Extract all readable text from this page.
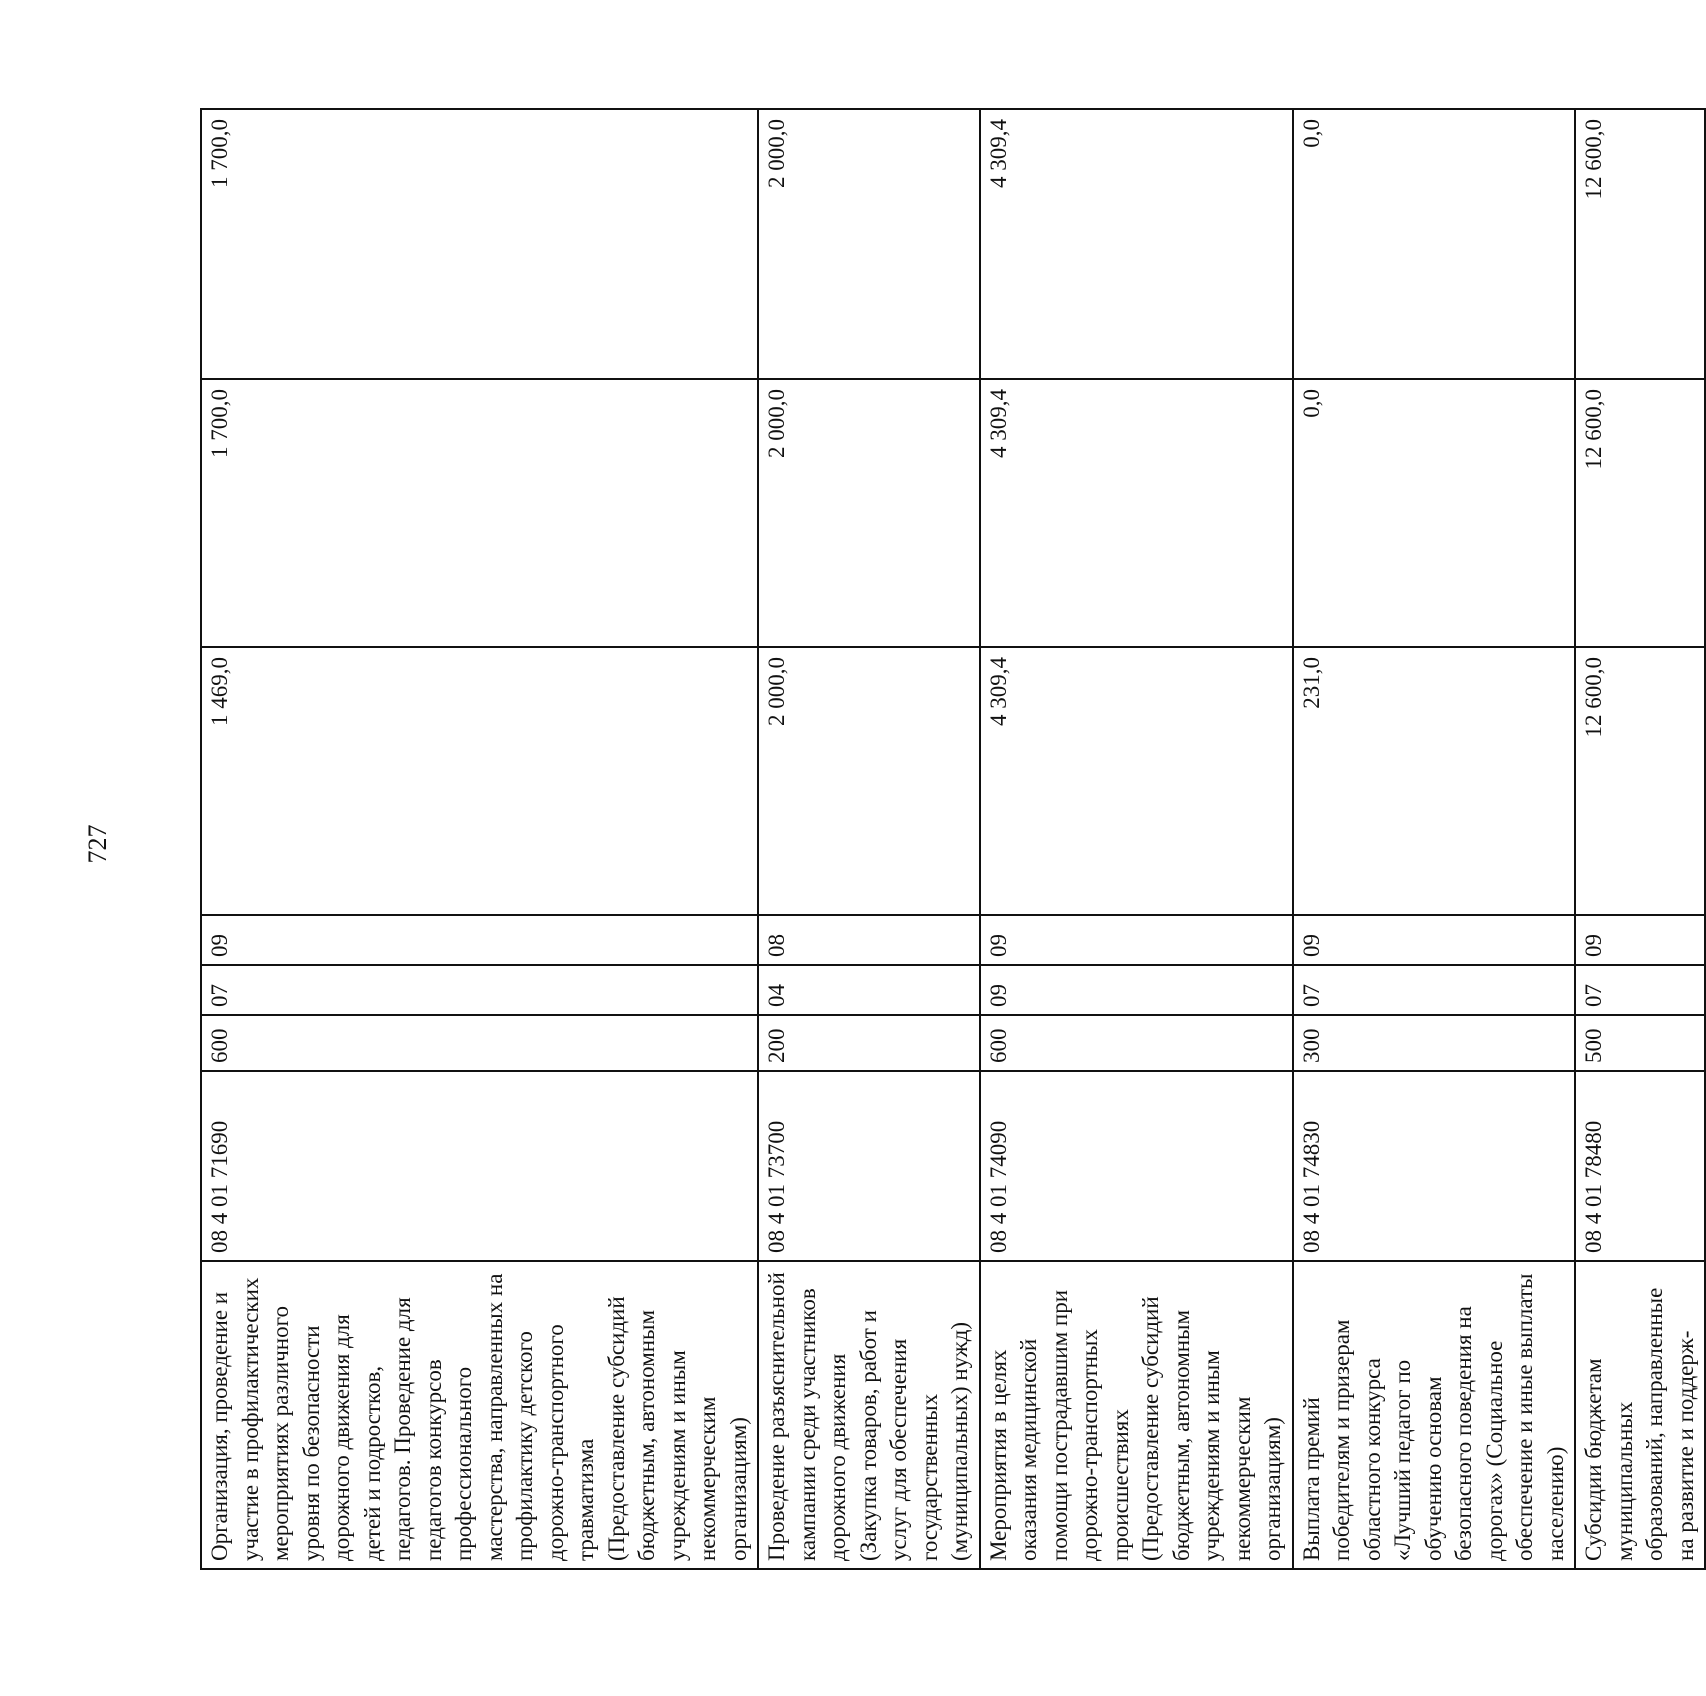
727
Организация, проведение и участие в профилактических мероприятиях различного уровня по безопасности дорожного движения для детей и подростков, педагогов. Проведение для педагогов конкурсов профессионального мастерства, направленных на профилактику детского дорожно-транспортного травматизма (Предоставление субсидий бюджетным, автономным учреждениям и иным некоммерческим организациям)	08 4 01 71690	600	07	09	1 469,0	1 700,0	1 700,0
Проведение разъяснительной кампании среди участников дорожного движения (Закупка товаров, работ и услуг для обеспечения государственных (муниципальных) нужд)	08 4 01 73700	200	04	08	2 000,0	2 000,0	2 000,0
Мероприятия в целях оказания медицинской помощи пострадавшим при дорожно-транспортных происшествиях (Предоставление субсидий бюджетным, автономным учреждениям и иным некоммерческим организациям)	08 4 01 74090	600	09	09	4 309,4	4 309,4	4 309,4
Выплата премий победителям и призерам областного конкурса «Лучший педагог по обучению основам безопасного поведения на дорогах» (Социальное обеспечение и иные выплаты населению)	08 4 01 74830	300	07	09	231,0	0,0	0,0
Субсидии бюджетам муниципальных образований, направленные на развитие и поддерж-	08 4 01 78480	500	07	09	12 600,0	12 600,0	12 600,0
